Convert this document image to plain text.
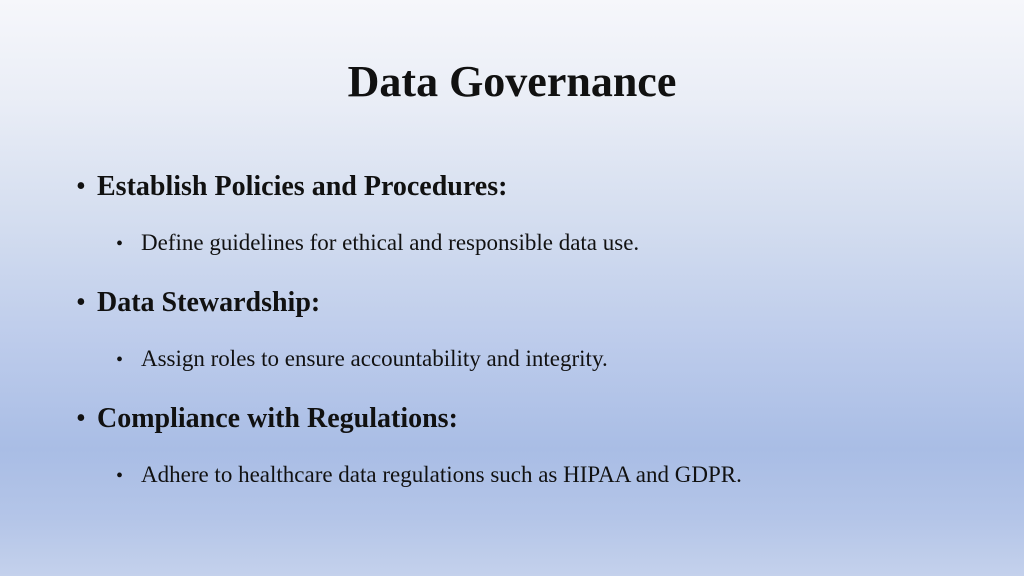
Data Governance
• Establish Policies and Procedures:
• Define guidelines for ethical and responsible data use.
• Data Stewardship:
• Assign roles to ensure accountability and integrity.
• Compliance with Regulations:
• Adhere to healthcare data regulations such as HIPAA and GDPR.
